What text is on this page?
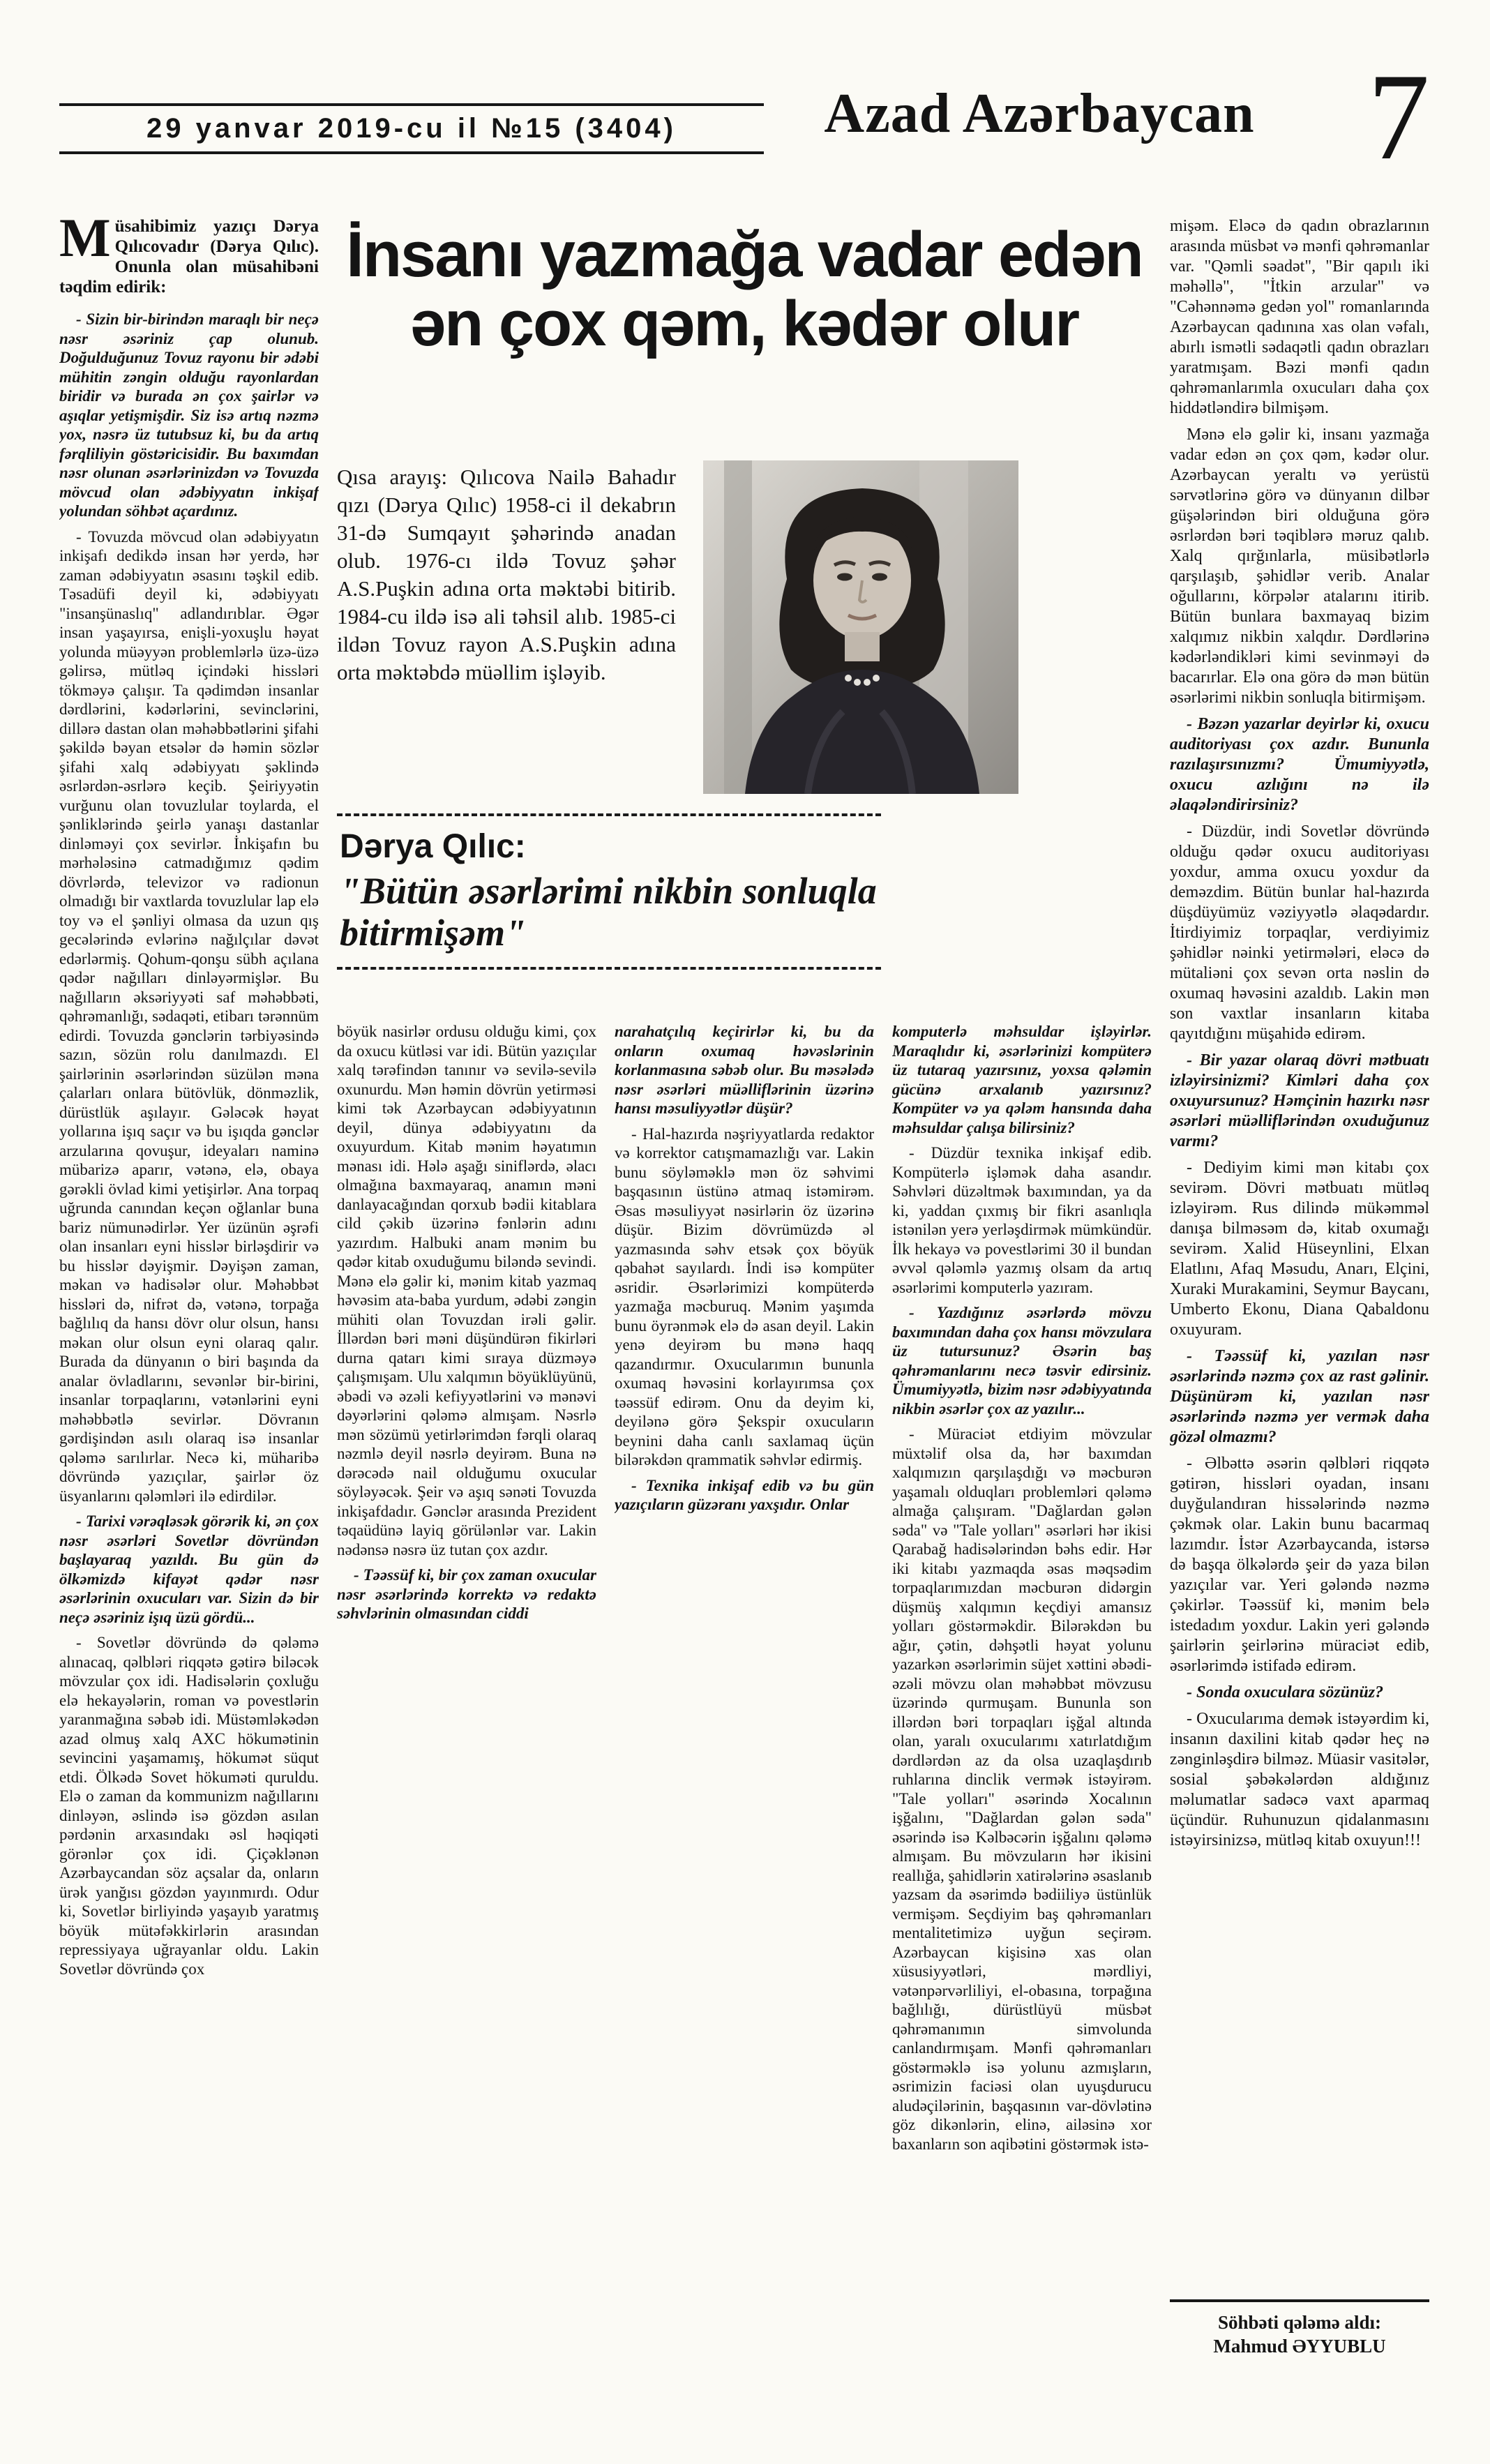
29 yanvar 2019-cu il №15 (3404)	Azad Azərbaycan 7
İnsanı yazmağa vadar edən
ən çox qəm, kədər olur
Qısa arayış: Qılıcova Nailə Bahadır qızı (Dərya Qılıc) 1958-ci il dekabrın 31-də Sumqayıt şəhərində anadan olub. 1976-cı ildə Tovuz şəhər A.S.Puşkin adına orta məktəbi bitirib. 1984-cu ildə isə ali təhsil alıb. 1985-ci ildən Tovuz rayon A.S.Puşkin adına orta məktəbdə müəllim işləyib.
Dərya Qılıc:
"Bütün əsərlərimi nikbin sonluqla bitirmişəm"
Müsahibimiz yazıçı Dərya Qılıcovadır (Dərya Qılıc). Onunla olan müsahibəni təqdim edirik:

- Sizin bir-birindən maraqlı bir neçə nəsr əsəriniz çap olunub. Doğulduğunuz Tovuz rayonu bir ədəbi mühitin zəngin olduğu rayonlardan biridir və burada ən çox şairlər və aşıqlar yetişmişdir. Siz isə artıq nəzmə yox, nəsrə üz tutubsuz ki, bu da artıq fərqliliyin göstəricisidir. Bu baxımdan nəsr olunan əsərlərinizdən və Tovuzda mövcud olan ədəbiyyatın inkişaf yolundan söhbət açardınız.

- Tovuzda mövcud olan ədəbiyyatın inkişafı dedikdə insan hər yerdə, hər zaman ədəbiyyatın əsasını təşkil edib. Təsadüfi deyil ki, ədəbiyyatı "insanşünaslıq" adlandırıblar. Əgər insan yaşayırsa, enişli-yoxuşlu həyat yolunda müəyyən problemlərlə üzə-üzə gəlirsə, mütləq içindəki hissləri tökməyə çalışır. Ta qədimdən insanlar dərdlərini, kədərlərini, sevinclərini, dillərə dastan olan məhəbbətlərini şifahi şəkildə bəyan etsələr də həmin sözlər şifahi xalq ədəbiyyatı şəklində əsrlərdən-əsrlərə keçib. Şeiriyyətin vurğunu olan tovuzlular toylarda, el şənliklərində şeirlə yanaşı dastanlar dinləməyi çox sevirlər. İnkişafın bu mərhələsinə catmadığımız qədim dövrlərdə, televizor və radionun olmadığı bir vaxtlarda tovuzlular lap elə toy və el şənliyi olmasa da uzun qış gecələrində evlərinə nağılçılar dəvət edərlərmiş. Qohum-qonşu sübh açılana qədər nağılları dinləyərmişlər. Bu nağılların əksəriyyəti saf məhəbbəti, qəhrəmanlığı, sədaqəti, etibarı tərənnüm edirdi. Tovuzda gənclərin tərbiyəsində sazın, sözün rolu danılmazdı. El şairlərinin əsərlərindən süzülən məna çalarları onlara bütövlük, dönməzlik, dürüstlük aşılayır. Gələcək həyat yollarına işıq saçır və bu işıqda gənclər arzularına qovuşur, ideyaları naminə mübarizə aparır, vətənə, elə, obaya gərəkli övlad kimi yetişirlər. Ana torpaq uğrunda canından keçən oğlanlar buna bariz nümunədirlər. Yer üzünün əşrəfi olan insanları eyni hisslər birləşdirir və bu hisslər dəyişmir. Dəyişən zaman, məkan və hadisələr olur. Məhəbbət hissləri də, nifrət də, vətənə, torpağa bağlılıq da hansı dövr olur olsun, hansı məkan olur olsun eyni olaraq qalır. Burada da dünyanın o biri başında da analar övladlarını, sevənlər bir-birini, insanlar torpaqlarını, vətənlərini eyni məhəbbətlə sevirlər. Dövranın gərdişindən asılı olaraq isə insanlar qələmə sarılırlar. Necə ki, müharibə dövründə yazıçılar, şairlər öz üsyanlarını qələmləri ilə edirdilər.

- Tarixi vərəqləsək görərik ki, ən çox nəsr əsərləri Sovetlər dövründən başlayaraq yazıldı. Bu gün də ölkəmizdə kifayət qədər nəsr əsərlərinin oxucuları var. Sizin də bir neçə əsəriniz işıq üzü gördü...

- Sovetlər dövründə də qələmə alınacaq, qəlbləri riqqətə gətirə biləcək mövzular çox idi. Hadisələrin çoxluğu elə hekayələrin, roman və povestlərin yaranmağına səbəb idi. Müstəmləkədən azad olmuş xalq AXC hökumətinin sevincini yaşamamış, hökumət süqut etdi. Ölkədə Sovet hökuməti quruldu. Elə o zaman da kommunizm nağıllarını dinləyən, əslində isə gözdən asılan pərdənin arxasındakı əsl həqiqəti görənlər çox idi. Çiçəklənən Azərbaycandan söz açsalar da, onların ürək yanğısı gözdən yayınmırdı. Odur ki, Sovetlər birliyində yaşayıb yaratmış böyük mütəfəkkirlərin arasından repressiyaya uğrayanlar oldu. Lakin Sovetlər dövründə çox

böyük nasirlər ordusu olduğu kimi, çox da oxucu kütləsi var idi. Bütün yazıçılar xalq tərəfindən tanınır və sevilə-sevilə oxunurdu. Mən həmin dövrün yetirməsi kimi tək Azərbaycan ədəbiyyatının deyil, dünya ədəbiyyatını da oxuyurdum. Kitab mənim həyatımın mənası idi. Hələ aşağı siniflərdə, əlacı olmağına baxmayaraq, anamın məni danlayacağından qorxub bədii kitablara cild çəkib üzərinə fənlərin adını yazırdım. Halbuki anam mənim bu qədər kitab oxuduğumu biləndə sevindi. Mənə elə gəlir ki, mənim kitab yazmaq həvəsim ata-baba yurdum, ədəbi zəngin mühiti olan Tovuzdan irəli gəlir. İllərdən bəri məni düşündürən fikirləri durna qatarı kimi sıraya düzməyə çalışmışam. Ulu xalqımın böyüklüyünü, əbədi və əzəli kefiyyətlərini və mənəvi dəyərlərini qələmə almışam. Nəsrlə mən sözümü yetirlərimdən fərqli olaraq nəzmlə deyil nəsrlə deyirəm. Buna nə dərəcədə nail olduğumu oxucular söyləyəcək. Şeir və aşıq sənəti Tovuzda inkişafdadır. Gənclər arasında Prezident təqaüdünə layiq görülənlər var. Lakin nədənsə nəsrə üz tutan çox azdır.

- Təəssüf ki, bir çox zaman oxucular nəsr əsərlərində korrektə və redaktə səhvlərinin olmasından ciddi

narahatçılıq keçirirlər ki, bu da onların oxumaq həvəslərinin korlanmasına səbəb olur. Bu məsələdə nəsr əsərləri müəlliflərinin üzərinə hansı məsuliyyətlər düşür?

- Hal-hazırda nəşriyyatlarda redaktor və korrektor catışmamazlığı var. Lakin bunu söyləməklə mən öz səhvimi başqasının üstünə atmaq istəmirəm. Əsas məsuliyyət nəsirlərin öz üzərinə düşür. Bizim dövrümüzdə əl yazmasında səhv etsək çox böyük qəbahət sayılardı. İndi isə kompüter əsridir. Əsərlərimizi kompüterdə yazmağa məcburuq. Mənim yaşımda bunu öyrənmək elə də asan deyil. Lakin yenə deyirəm bu mənə haqq qazandırmır. Oxucularımın bununla oxumaq həvəsini korlayırımsa çox təəssüf edirəm. Onu da deyim ki, deyilənə görə Şekspir oxucuların beynini daha canlı saxlamaq üçün bilərəkdən qrammatik səhvlər edirmiş.

- Texnika inkişaf edib və bu gün yazıçıların güzəranı yaxşıdır. Onlar

komputerlə məhsuldar işləyirlər. Maraqlıdır ki, əsərlərinizi kompüterə üz tutaraq yazırsınız, yoxsa qələmin gücünə arxalanıb yazırsınız? Kompüter və ya qələm hansında daha məhsuldar çalışa bilirsiniz?

- Düzdür texnika inkişaf edib. Kompüterlə işləmək daha asandır. Səhvləri düzəltmək baxımından, ya da ki, yaddan çıxmış bir fikri asanlıqla istənilən yerə yerləşdirmək mümkündür. İlk hekayə və povestlərimi 30 il bundan əvvəl qələmlə yazmış olsam da artıq əsərlərimi komputerlə yazıram.

- Yazdığınız əsərlərdə mövzu baxımından daha çox hansı mövzulara üz tutursunuz? Əsərin baş qəhrəmanlarını necə təsvir edirsiniz. Ümumiyyətlə, bizim nəsr ədəbiyyatında nikbin əsərlər çox az yazılır...

- Müraciət etdiyim mövzular müxtəlif olsa da, hər baxımdan xalqımızın qarşılaşdığı və məcburən yaşamalı olduqları problemləri qələmə almağa çalışıram. "Dağlardan gələn səda" və "Tale yolları" əsərləri hər ikisi Qarabağ hadisələrindən bəhs edir. Hər iki kitabı yazmaqda əsas məqsədim torpaqlarımızdan məcburən didərgin düşmüş xalqımın keçdiyi amansız yolları göstərməkdir. Bilərəkdən bu ağır, çətin, dəhşətli həyat yolunu yazarkən əsərlərimin süjet xəttini əbədi-əzəli mövzu olan məhəbbət mövzusu üzərində qurmuşam. Bununla son illərdən bəri torpaqları işğal altında olan, yaralı oxucularımı xatırlatdığım dərdlərdən az da olsa uzaqlaşdırıb ruhlarına dinclik vermək istəyirəm. "Tale yolları" əsərində Xocalının işğalını, "Dağlardan gələn səda" əsərində isə Kəlbəcərin işğalını qələmə almışam. Bu mövzuların hər ikisini reallığa, şahidlərin xatirələrinə əsaslanıb yazsam da əsərimdə bədiiliyə üstünlük vermişəm. Seçdiyim baş qəhrəmanları mentalitetimizə uyğun seçirəm. Azərbaycan kişisinə xas olan xüsusiyyətləri, mərdliyi, vətənpərvərliliyi, el-obasına, torpağına bağlılığı, dürüstlüyü müsbət qəhrəmanımın simvolunda canlandırmışam. Mənfi qəhrəmanları göstərməklə isə yolunu azmışların, əsrimizin faciəsi olan uyuşdurucu aludəçilərinin, başqasının var-dövlətinə göz dikənlərin, elinə, ailəsinə xor baxanların son aqibətini göstərmək istə-

mişəm. Eləcə də qadın obrazlarının arasında müsbət və mənfi qəhrəmanlar var. "Qəmli səadət", "Bir qapılı iki məhəllə", "İtkin arzular" və "Cəhənnəmə gedən yol" romanlarında Azərbaycan qadınına xas olan vəfalı, abırlı ismətli sədaqətli qadın obrazları yaratmışam. Bəzi mənfi qadın qəhrəmanlarımla oxucuları daha çox hiddətləndirə bilmişəm.

Mənə elə gəlir ki, insanı yazmağa vadar edən ən çox qəm, kədər olur. Azərbaycan yeraltı və yerüstü sərvətlərinə görə və dünyanın dilbər güşələrindən biri olduğuna görə əsrlərdən bəri təqiblərə məruz qalıb. Xalq qırğınlarla, müsibətlərlə qarşılaşıb, şəhidlər verib. Analar oğullarını, körpələr atalarını itirib. Bütün bunlara baxmayaq bizim xalqımız nikbin xalqdır. Dərdlərinə kədərləndikləri kimi sevinməyi də bacarırlar. Elə ona görə də mən bütün əsərlərimi nikbin sonluqla bitirmişəm.

- Bəzən yazarlar deyirlər ki, oxucu auditoriyası çox azdır. Bununla razılaşırsınızmı? Ümumiyyətlə, oxucu azlığını nə ilə əlaqələndirirsiniz?

- Düzdür, indi Sovetlər dövründə olduğu qədər oxucu auditoriyası yoxdur, amma oxucu yoxdur da deməzdim. Bütün bunlar hal-hazırda düşdüyümüz vəziyyətlə əlaqədardır. İtirdiyimiz torpaqlar, verdiyimiz şəhidlər nəinki yetirmələri, eləcə də mütaliəni çox sevən orta nəslin də oxumaq həvəsini azaldıb. Lakin mən son vaxtlar insanların kitaba qayıtdığını müşahidə edirəm.

- Bir yazar olaraq dövri mətbuatı izləyirsinizmi? Kimləri daha çox oxuyursunuz? Həmçinin hazırkı nəsr əsərləri müəlliflərindən oxuduğunuz varmı?

- Dediyim kimi mən kitabı çox sevirəm. Dövri mətbuatı mütləq izləyirəm. Rus dilində mükəmməl danışa bilməsəm də, kitab oxumağı sevirəm. Xalid Hüseynlini, Elxan Elatlını, Afaq Məsudu, Anarı, Elçini, Xuraki Murakamini, Seymur Baycanı, Umberto Ekonu, Diana Qabaldonu oxuyuram.

- Təəssüf ki, yazılan nəsr əsərlərində nəzmə çox az rast gəlinir. Düşünürəm ki, yazılan nəsr əsərlərində nəzmə yer vermək daha gözəl olmazmı?

- Əlbəttə əsərin qəlbləri riqqətə gətirən, hissləri oyadan, insanı duyğulandıran hissələrində nəzmə çəkmək olar. Lakin bunu bacarmaq lazımdır. İstər Azərbaycanda, istərsə də başqa ölkələrdə şeir də yaza bilən yazıçılar var. Yeri gələndə nəzmə çəkirlər. Təəssüf ki, mənim belə istedadım yoxdur. Lakin yeri gələndə şairlərin şeirlərinə müraciət edib, əsərlərimdə istifadə edirəm.

- Sonda oxuculara sözünüz?

- Oxucularıma demək istəyərdim ki, insanın daxilini kitab qədər heç nə zənginləşdirə bilməz. Müasir vasitələr, sosial şəbəkələrdən aldığınız məlumatlar sadəcə vaxt aparmaq üçündür. Ruhunuzun qidalanmasını istəyirsinizsə, mütləq kitab oxuyun!!!

Söhbəti qələmə aldı:
Mahmud ƏYYUBLU
